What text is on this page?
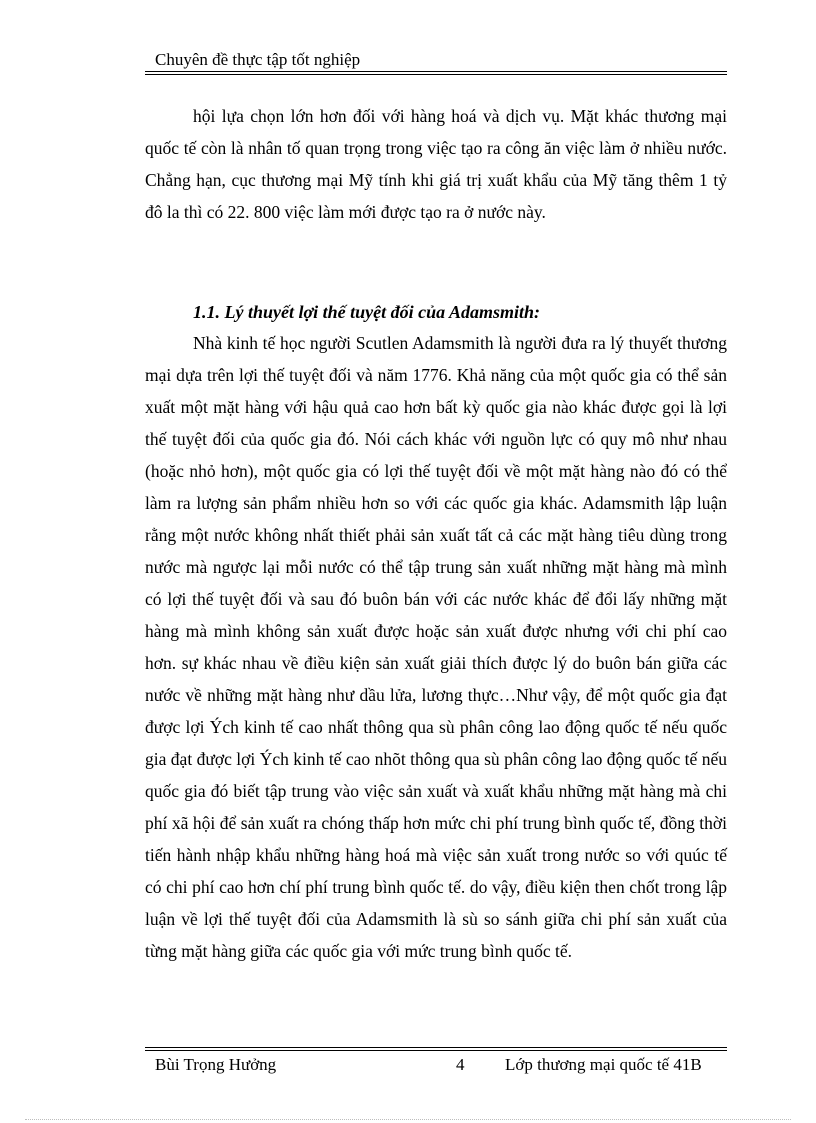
Chuyên đề thực tập tốt nghiệp

hội lựa chọn lớn hơn đối với hàng hoá và dịch vụ. Mặt khác thương mại quốc tế còn là nhân tố quan trọng trong việc tạo ra công ăn việc làm ở nhiều nước. Chẳng hạn, cục thương mại Mỹ tính khi giá trị xuất khẩu của Mỹ tăng thêm 1 tỷ đô la thì có 22. 800 việc làm mới được tạo ra ở nước này.

1.1. Lý thuyết lợi thế tuyệt đối của Adamsmith:

Nhà kinh tế học người Scutlen Adamsmith là người đưa ra lý thuyết thương mại dựa trên lợi thế tuyệt đối và năm 1776. Khả năng của một quốc gia có thể sản xuất một mặt hàng với hậu quả cao hơn bất kỳ quốc gia nào khác được gọi là lợi thế tuyệt đối của quốc gia đó. Nói cách khác với nguồn lực có quy mô như nhau (hoặc nhỏ hơn), một quốc gia có lợi thế tuyệt đối về một mặt hàng nào đó có thể làm ra lượng sản phẩm nhiều hơn so với các quốc gia khác. Adamsmith lập luận rằng một nước không nhất thiết phải sản xuất tất cả các mặt hàng tiêu dùng trong nước mà ngược lại mỗi nước có thể tập trung sản xuất những mặt hàng mà mình có lợi thế tuyệt đối và sau đó buôn bán với các nước khác để đổi lấy những mặt hàng mà mình không sản xuất được hoặc sản xuất được nhưng với chi phí cao hơn. sự khác nhau về điều kiện sản xuất giải thích được lý do buôn bán giữa các nước về những mặt hàng như dầu lửa, lương thực…Như vậy, để một quốc gia đạt được lợi Ých kinh tế cao nhất thông qua sù phân công lao động quốc tế nếu quốc gia đạt được lợi Ých kinh tế cao nhõt thông qua sù phân công lao động quốc tế nếu quốc gia đó biết tập trung vào việc sản xuất và xuất khẩu những mặt hàng mà chi phí xã hội để sản xuất ra chóng thấp hơn mức chi phí trung bình quốc tế, đồng thời tiến hành nhập khẩu những hàng hoá mà việc sản xuất trong nước so với quúc tế có chi phí cao hơn chí phí trung bình quốc tế. do vậy, điều kiện then chốt trong lập luận về lợi thế tuyệt đối của Adamsmith là sù so sánh giữa chi phí sản xuất của từng mặt hàng giữa các quốc gia với mức trung bình quốc tế.

Bùi Trọng Hưởng	4 Lớp thương mại quốc tế 41B
